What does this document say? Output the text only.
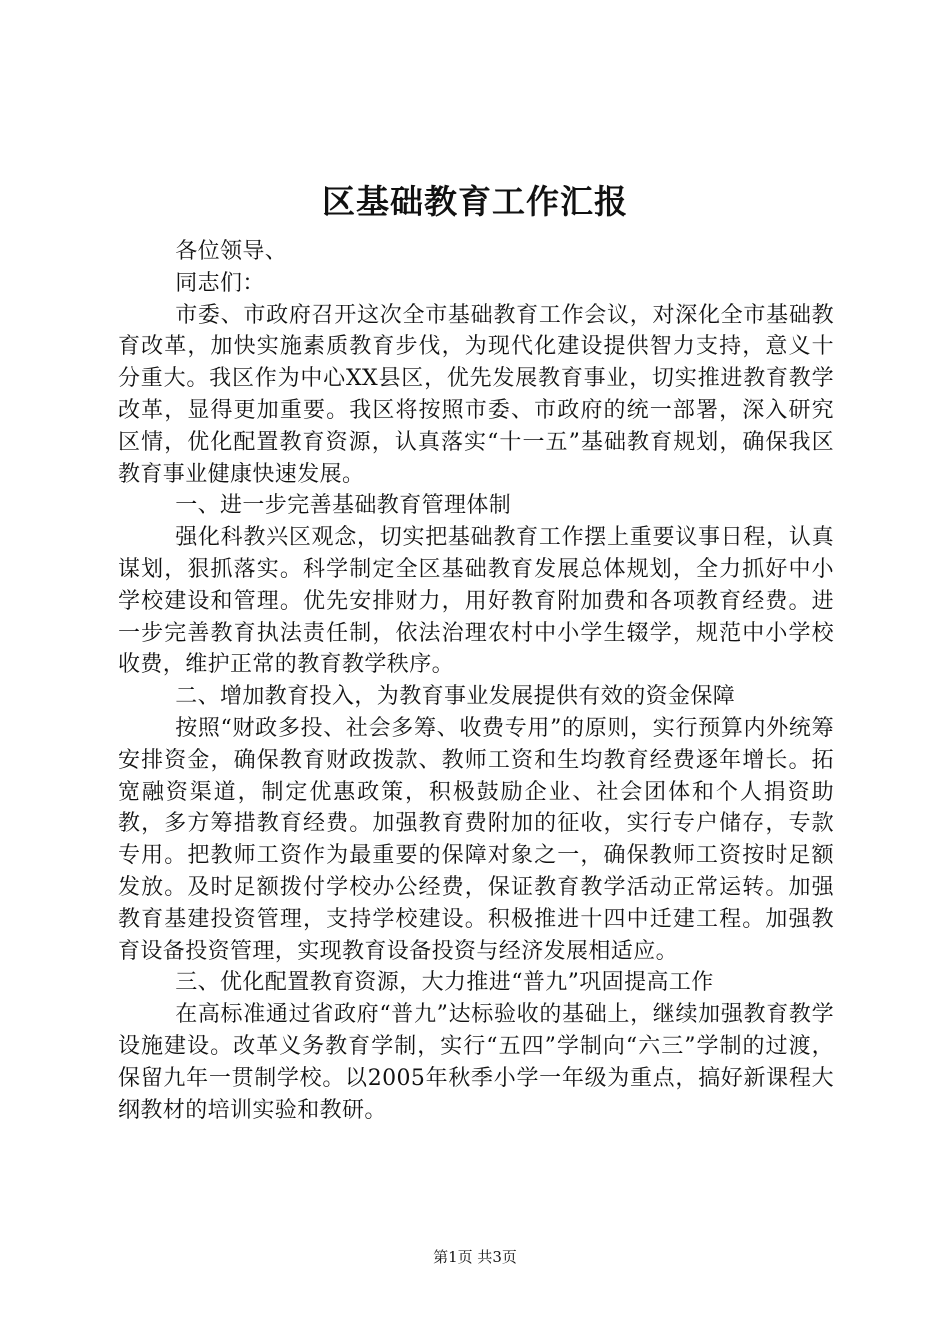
区基础教育工作汇报

各位领导、

同志们：

市委、市政府召开这次全市基础教育工作会议，对深化全市基础教育改革，加快实施素质教育步伐，为现代化建设提供智力支持，意义十分重大。我区作为中心XX县区，优先发展教育事业，切实推进教育教学改革，显得更加重要。我区将按照市委、市政府的统一部署，深入研究区情，优化配置教育资源，认真落实“十一五”基础教育规划，确保我区教育事业健康快速发展。

一、进一步完善基础教育管理体制

强化科教兴区观念，切实把基础教育工作摆上重要议事日程，认真谋划，狠抓落实。科学制定全区基础教育发展总体规划，全力抓好中小学校建设和管理。优先安排财力，用好教育附加费和各项教育经费。进一步完善教育执法责任制，依法治理农村中小学生辍学，规范中小学校收费，维护正常的教育教学秩序。

二、增加教育投入，为教育事业发展提供有效的资金保障

按照“财政多投、社会多筹、收费专用”的原则，实行预算内外统筹安排资金，确保教育财政拨款、教师工资和生均教育经费逐年增长。拓宽融资渠道，制定优惠政策，积极鼓励企业、社会团体和个人捐资助教，多方筹措教育经费。加强教育费附加的征收，实行专户储存，专款专用。把教师工资作为最重要的保障对象之一，确保教师工资按时足额发放。及时足额拨付学校办公经费，保证教育教学活动正常运转。加强教育基建投资管理，支持学校建设。积极推进十四中迁建工程。加强教育设备投资管理，实现教育设备投资与经济发展相适应。

三、优化配置教育资源，大力推进“普九”巩固提高工作

在高标准通过省政府“普九”达标验收的基础上，继续加强教育教学设施建设。改革义务教育学制，实行“五四”学制向“六三”学制的过渡，保留九年一贯制学校。以2005年秋季小学一年级为重点，搞好新课程大纲教材的培训实验和教研。

第1页 共3页
